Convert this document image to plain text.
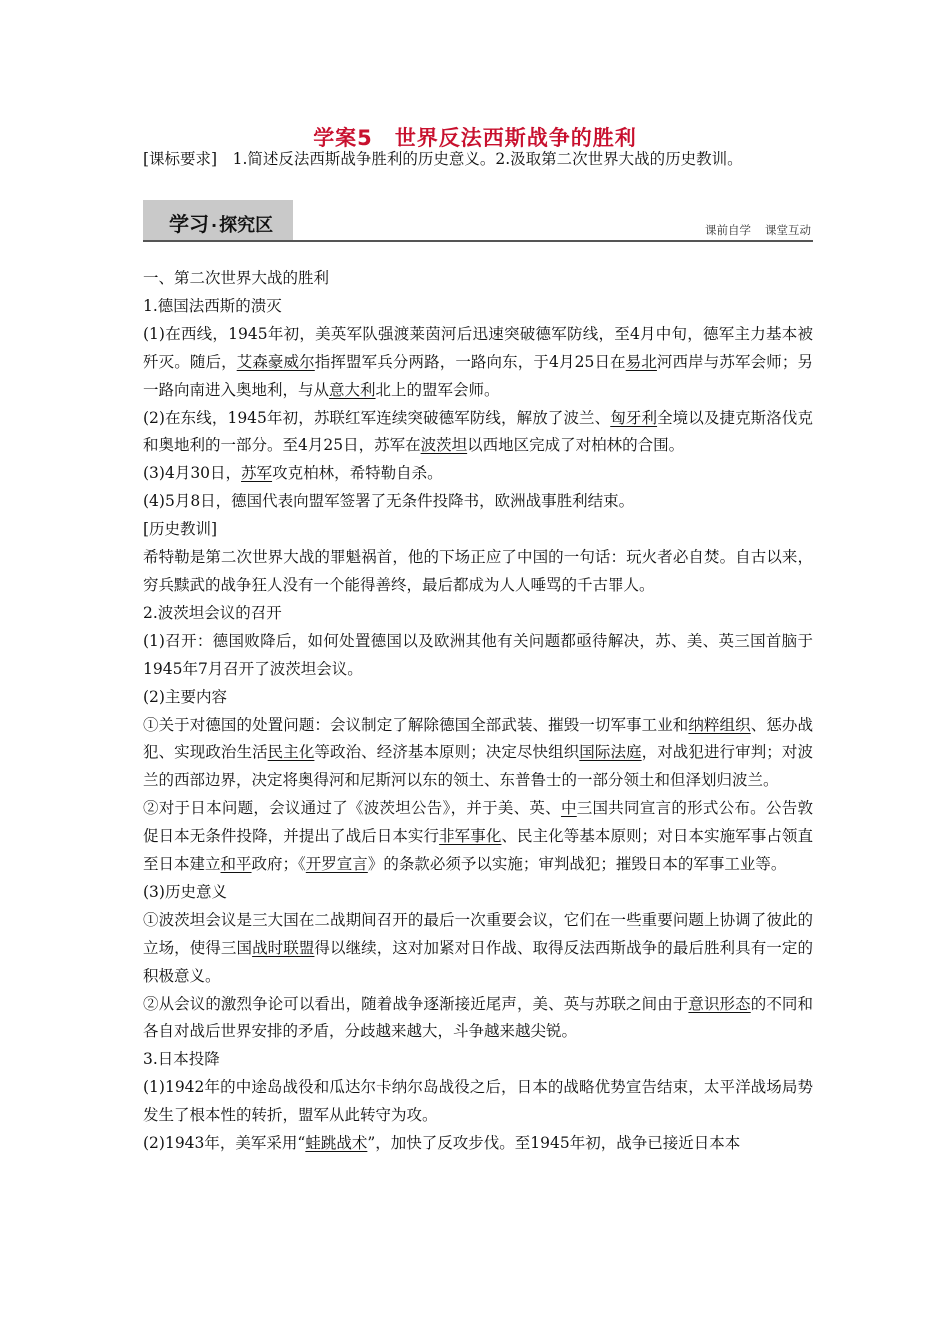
学案5 世界反法西斯战争的胜利
[课标要求]　1.简述反法西斯战争胜利的历史意义。2.汲取第二次世界大战的历史教训。
学习 · 探究区	课前自学 课堂互动

一、第二次世界大战的胜利

1.德国法西斯的溃灭

(1)在西线，1945年初，美英军队强渡莱茵河后迅速突破德军防线，至4月中旬，德军主力基本被歼灭。随后，艾森豪威尔指挥盟军兵分两路，一路向东，于4月25日在易北河西岸与苏军会师；另一路向南进入奥地利，与从意大利北上的盟军会师。

(2)在东线，1945年初，苏联红军连续突破德军防线，解放了波兰、匈牙利全境以及捷克斯洛伐克和奥地利的一部分。至4月25日，苏军在波茨坦以西地区完成了对柏林的合围。

(3)4月30日，苏军攻克柏林，希特勒自杀。

(4)5月8日，德国代表向盟军签署了无条件投降书，欧洲战事胜利结束。

[历史教训]

希特勒是第二次世界大战的罪魁祸首，他的下场正应了中国的一句话：玩火者必自焚。自古以来，穷兵黩武的战争狂人没有一个能得善终，最后都成为人人唾骂的千古罪人。

2.波茨坦会议的召开

(1)召开：德国败降后，如何处置德国以及欧洲其他有关问题都亟待解决，苏、美、英三国首脑于1945年7月召开了波茨坦会议。

(2)主要内容

①关于对德国的处置问题：会议制定了解除德国全部武装、摧毁一切军事工业和纳粹组织、惩办战犯、实现政治生活民主化等政治、经济基本原则；决定尽快组织国际法庭，对战犯进行审判；对波兰的西部边界，决定将奥得河和尼斯河以东的领土、东普鲁士的一部分领土和但泽划归波兰。

②对于日本问题，会议通过了《波茨坦公告》，并于美、英、中三国共同宣言的形式公布。公告敦促日本无条件投降，并提出了战后日本实行非军事化、民主化等基本原则；对日本实施军事占领直至日本建立和平政府；《开罗宣言》的条款必须予以实施；审判战犯；摧毁日本的军事工业等。

(3)历史意义

①波茨坦会议是三大国在二战期间召开的最后一次重要会议，它们在一些重要问题上协调了彼此的立场，使得三国战时联盟得以继续，这对加紧对日作战、取得反法西斯战争的最后胜利具有一定的积极意义。

②从会议的激烈争论可以看出，随着战争逐渐接近尾声，美、英与苏联之间由于意识形态的不同和各自对战后世界安排的矛盾，分歧越来越大，斗争越来越尖锐。

3.日本投降

(1)1942年的中途岛战役和瓜达尔卡纳尔岛战役之后，日本的战略优势宣告结束，太平洋战场局势发生了根本性的转折，盟军从此转守为攻。

(2)1943年，美军采用“蛙跳战术”，加快了反攻步伐。至1945年初，战争已接近日本本
